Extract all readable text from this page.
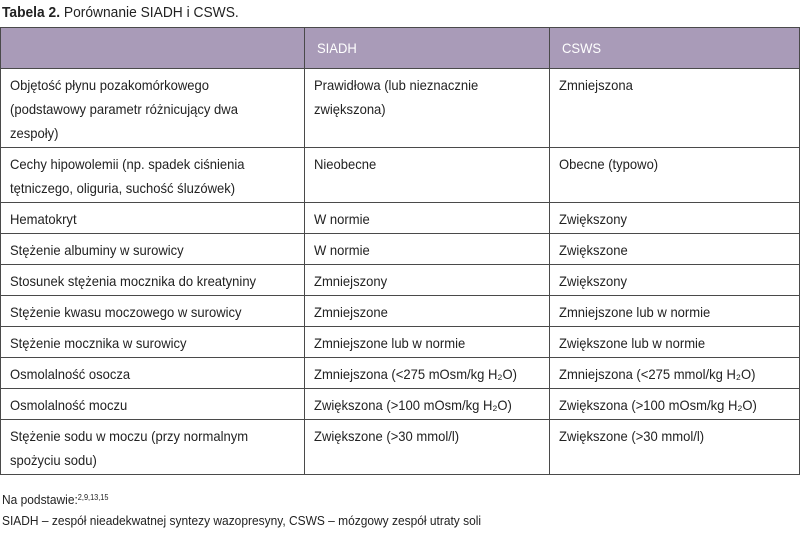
Tabela 2. Porównanie SIADH i CSWS.

	SIADH	CSWS

Objętość płynu pozakomórkowego (podstawowy parametr różnicujący dwa zespoły)	Prawidłowa (lub nieznacznie zwiększona)	Zmniejszona

Cechy hipowolemii (np. spadek ciśnienia tętniczego, oliguria, suchość śluzówek)	Nieobecne	Obecne (typowo)

Hematokryt	W normie	Zwiększony

Stężenie albuminy w surowicy	W normie	Zwiększone

Stosunek stężenia mocznika do kreatyniny	Zmniejszony	Zwiększony

Stężenie kwasu moczowego w surowicy	Zmniejszone	Zmniejszone lub w normie

Stężenie mocznika w surowicy	Zmniejszone lub w normie	Zwiększone lub w normie

Osmolalność osocza	Zmniejszona (<275 mOsm/kg H₂O)	Zmniejszona (<275 mmol/kg H₂O)

Osmolalność moczu	Zwiększona (>100 mOsm/kg H₂O)	Zwiększona (>100 mOsm/kg H₂O)

Stężenie sodu w moczu (przy normalnym spożyciu sodu)	Zwiększone (>30 mmol/l)	Zwiększone (>30 mmol/l)
Na podstawie:$^{2,9,13,15}$
SIADH – zespół nieadekwatnej syntezy wazopresyny, CSWS – mózgowy zespół utraty soli
